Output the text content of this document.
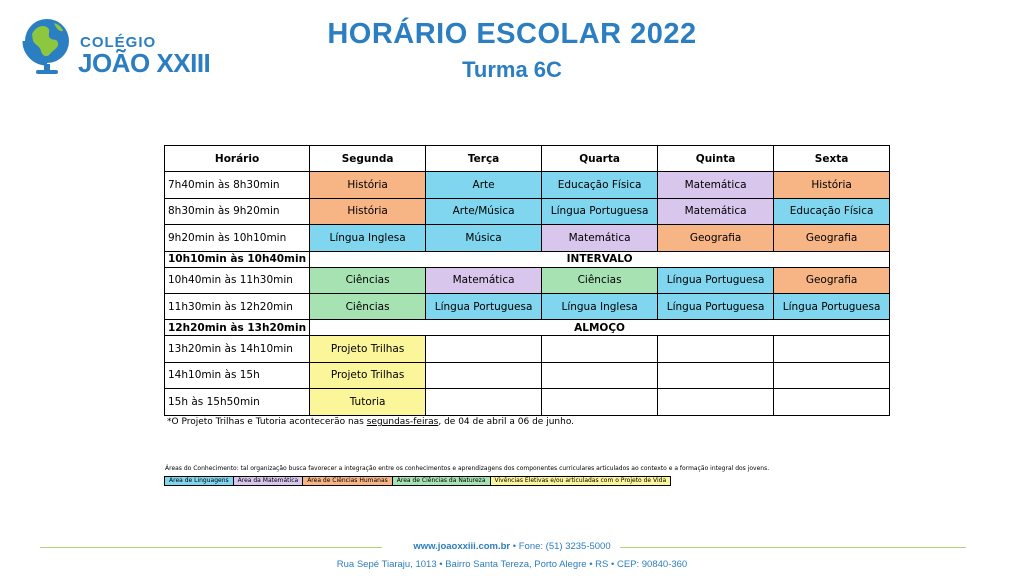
COLÉGIO
JOÃO XXIII
HORÁRIO ESCOLAR 2022
Turma 6C
Horário	Segunda	Terça	Quarta	Quinta	Sexta
7h40min às 8h30min	História	Arte	Educação Física	Matemática	História
8h30min às 9h20min	História	Arte/Música	Língua Portuguesa	Matemática	Educação Física
9h20min às 10h10min	Língua Inglesa	Música	Matemática	Geografia	Geografia
10h10min às 10h40min	INTERVALO				
10h40min às 11h30min	Ciências	Matemática	Ciências	Língua Portuguesa	Geografia
11h30min às 12h20min	Ciências	Língua Portuguesa	Língua Inglesa	Língua Portuguesa	Língua Portuguesa
12h20min às 13h20min	ALMOÇO				
13h20min às 14h10min	Projeto Trilhas				
14h10min às 15h	Projeto Trilhas				
15h às 15h50min	Tutoria				
*O Projeto Trilhas e Tutoria acontecerão nas segundas-feiras, de 04 de abril a 06 de junho.
Áreas do Conhecimento: tal organização busca favorecer a integração entre os conhecimentos e aprendizagens dos componentes curriculares articulados ao contexto e a formação integral dos jovens.
Área de Linguagens	Área da Matemática	Área de Ciências Humanas	Área de Ciências da Natureza	Vivências Eletivas e/ou articuladas com o Projeto de Vida
www.joaoxxiii.com.br • Fone: (51) 3235-5000
Rua Sepé Tiaraju, 1013 • Bairro Santa Tereza, Porto Alegre • RS • CEP: 90840-360
